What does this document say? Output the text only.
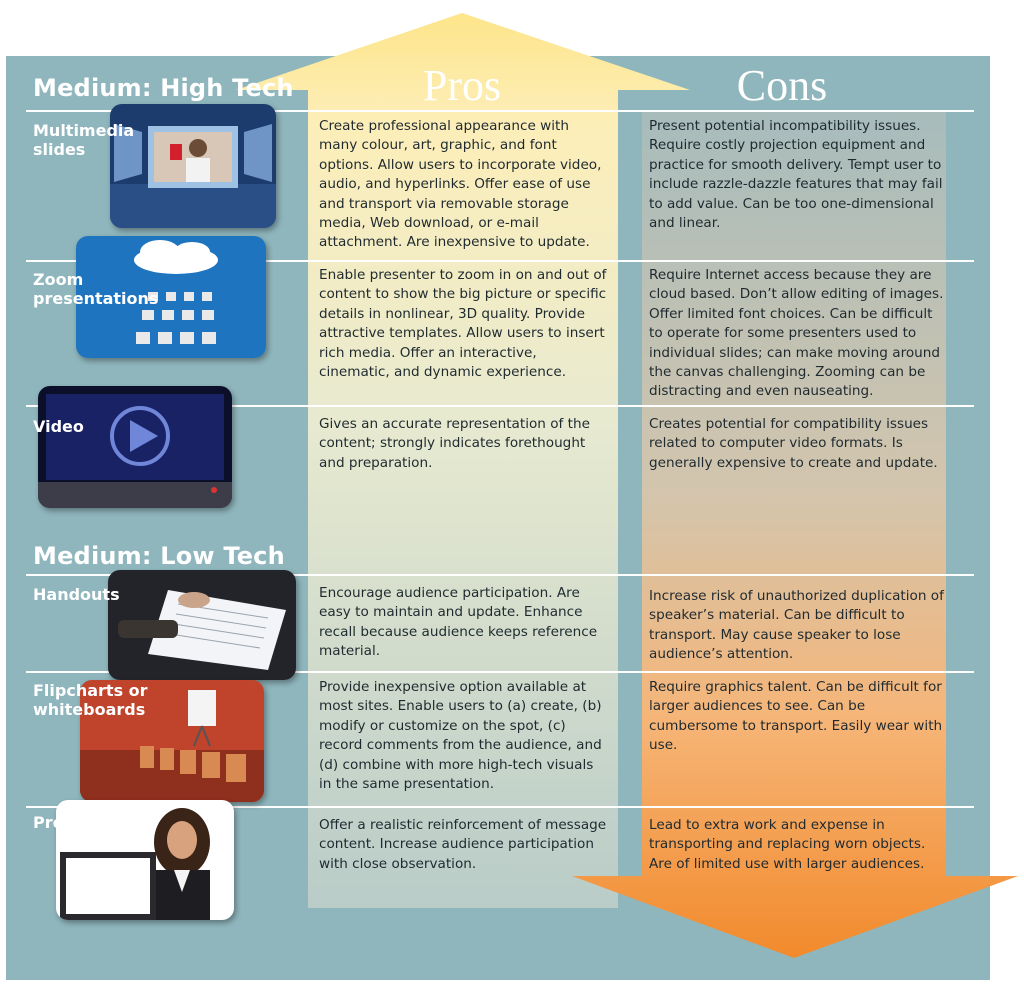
Pros	Cons
Medium: High Tech
Medium: Low Tech
Multimedia slides
Zoom presentations
Video
Handouts
Flipcharts or whiteboards
Props
Create professional appearance with many colour, art, graphic, and font options. Allow users to incorporate video, audio, and hyperlinks. Offer ease of use and transport via removable storage media, Web download, or e-mail attachment. Are inexpensive to update.
Enable presenter to zoom in on and out of content to show the big picture or specific details in nonlinear, 3D quality. Provide attractive templates. Allow users to insert rich media. Offer an interactive, cinematic, and dynamic experience.
Gives an accurate representation of the content; strongly indicates forethought and preparation.
Encourage audience participation. Are easy to maintain and update. Enhance recall because audience keeps reference material.
Provide inexpensive option available at most sites. Enable users to (a) create, (b) modify or customize on the spot, (c) record comments from the audience, and (d) combine with more high-tech visuals in the same presentation.
Offer a realistic reinforcement of message content. Increase audience participation with close observation.
Present potential incompatibility issues. Require costly projection equipment and practice for smooth delivery. Tempt user to include razzle-dazzle features that may fail to add value. Can be too one-dimensional and linear.
Require Internet access because they are cloud based. Don’t allow editing of images. Offer limited font choices. Can be difficult to operate for some presenters used to individual slides; can make moving around the canvas challenging. Zooming can be distracting and even nauseating.
Creates potential for compatibility issues related to computer video formats. Is generally expensive to create and update.
Increase risk of unauthorized duplication of speaker’s material. Can be difficult to transport. May cause speaker to lose audience’s attention.
Require graphics talent. Can be difficult for larger audiences to see. Can be cumbersome to transport. Easily wear with use.
Lead to extra work and expense in transporting and replacing worn objects. Are of limited use with larger audiences.
